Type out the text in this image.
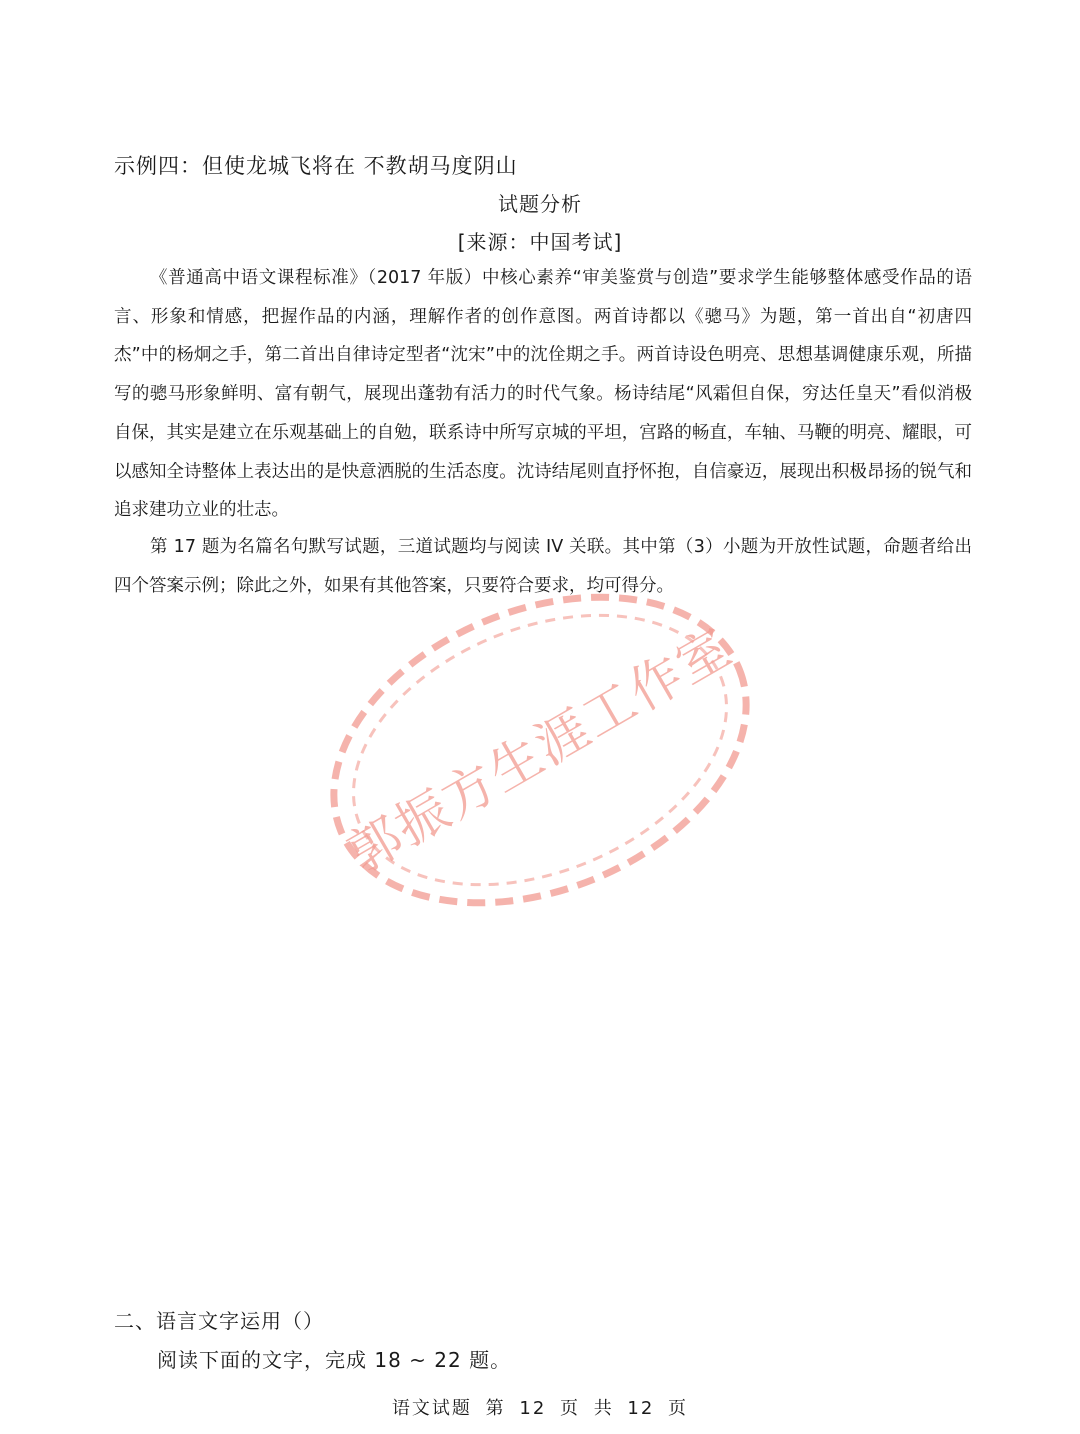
示例四：但使龙城飞将在 不教胡马度阴山
试题分析
[来源：中国考试]

《普通高中语文课程标准》（2017 年版）中核心素养“审美鉴赏与创造”要求学生能够整体感受作品的语言、形象和情感，把握作品的内涵，理解作者的创作意图。两首诗都以《骢马》为题，第一首出自“初唐四杰”中的杨炯之手，第二首出自律诗定型者“沈宋”中的沈佺期之手。两首诗设色明亮、思想基调健康乐观，所描写的骢马形象鲜明、富有朝气，展现出蓬勃有活力的时代气象。杨诗结尾“风霜但自保，穷达任皇天”看似消极自保，其实是建立在乐观基础上的自勉，联系诗中所写京城的平坦，宫路的畅直，车轴、马鞭的明亮、耀眼，可以感知全诗整体上表达出的是快意洒脱的生活态度。沈诗结尾则直抒怀抱，自信豪迈，展现出积极昂扬的锐气和追求建功立业的壮志。

第 17 题为名篇名句默写试题，三道试题均与阅读 IV 关联。其中第（3）小题为开放性试题，命题者给出四个答案示例；除此之外，如果有其他答案，只要符合要求，均可得分。

郭振方生涯工作室
二、语言文字运用（）
阅读下面的文字，完成 18 ~ 22 题。
语文试题 第 12 页 共 12 页
